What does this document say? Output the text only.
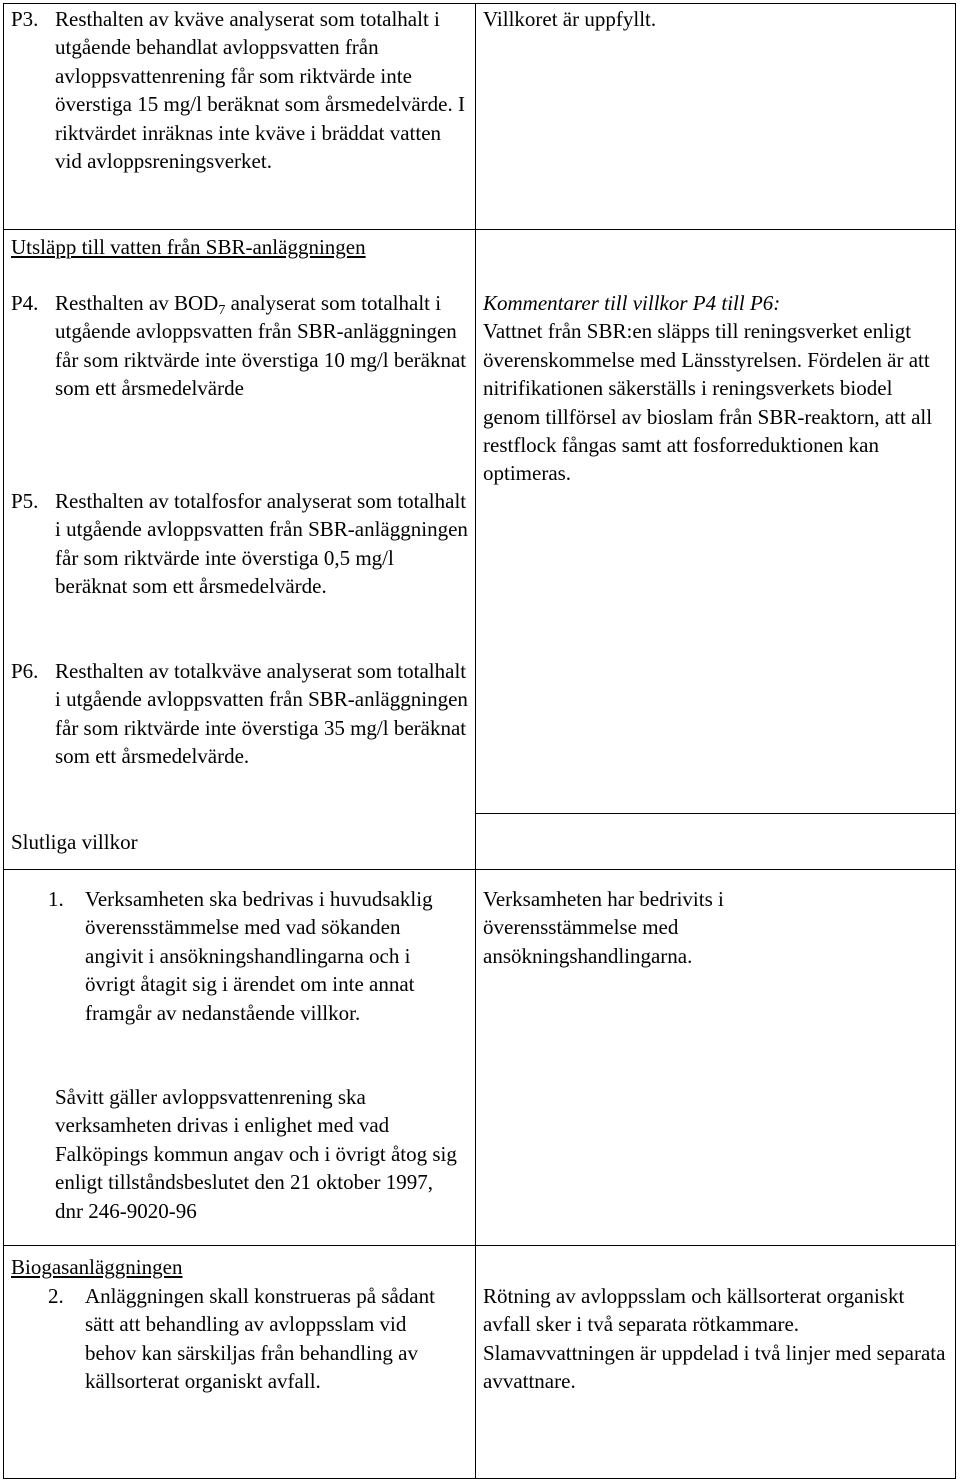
P3. Resthalten av kväve analyserat som totalhalt i utgående behandlat avloppsvatten från avloppsvattenrening får som riktvärde inte överstiga 15 mg/l beräknat som årsmedelvärde. I riktvärdet inräknas inte kväve i bräddat vatten vid avloppsreningsverket.
Utsläpp till vatten från SBR-anläggningen
P4. Resthalten av $BOD_7$ analyserat som totalhalt i utgående avloppsvatten från SBR-anläggningen får som riktvärde inte överstiga 10 mg/l beräknat som ett årsmedelvärde
P5. Resthalten av totalfosfor analyserat som totalhalt i utgående avloppsvatten från SBR-anläggningen får som riktvärde inte överstiga 0,5 mg/l beräknat som ett årsmedelvärde.
P6. Resthalten av totalkväve analyserat som totalhalt i utgående avloppsvatten från SBR-anläggningen får som riktvärde inte överstiga 35 mg/l beräknat som ett årsmedelvärde.
Slutliga villkor
1.	Verksamheten ska bedrivas i huvudsaklig överensstämmelse med vad sökanden angivit i ansökningshandlingarna och i övrigt åtagit sig i ärendet om inte annat framgår av nedanstående villkor.
Såvitt gäller avloppsvattenrening ska verksamheten drivas i enlighet med vad Falköpings kommun angav och i övrigt åtog sig enligt tillståndsbeslutet den 21 oktober 1997, dnr 246-9020-96
Biogasanläggningen
2.	Anläggningen skall konstrueras på sådant sätt att behandling av avloppsslam vid behov kan särskiljas från behandling av källsorterat organiskt avfall.
Villkoret är uppfyllt.

Kommentarer till villkor P4 till P6:

Vattnet från SBR:en släpps till reningsverket enligt överenskommelse med Länsstyrelsen. Fördelen är att nitrifikationen säkerställs i reningsverkets biodel genom tillförsel av bioslam från SBR-reaktorn, att all restflock fångas samt att fosforreduktionen kan optimeras.

Verksamheten har bedrivits i överensstämmelse med ansökningshandlingarna.
Rötning av avloppsslam och källsorterat organiskt avfall sker i två separata rötkammare. Slamavvattningen är uppdelad i två linjer med separata avvattnare.
